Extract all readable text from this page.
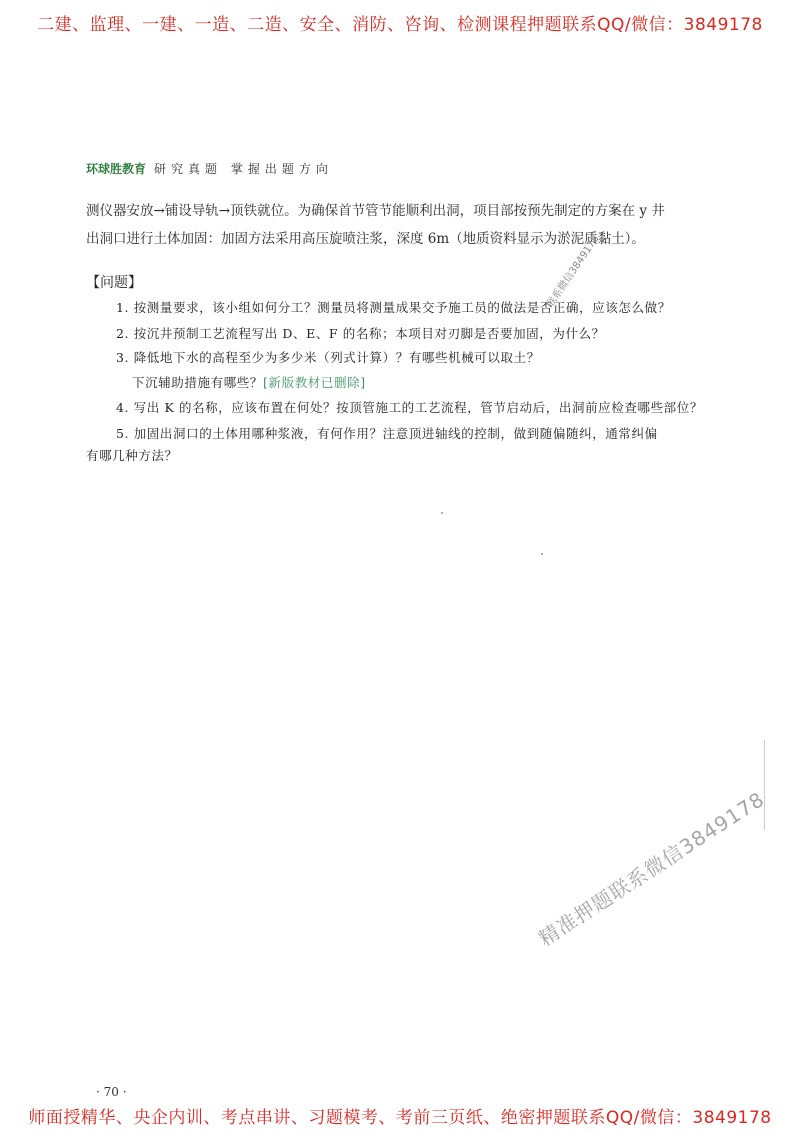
二建、监理、一建、一造、二造、安全、消防、咨询、检测课程押题联系QQ/微信：3849178
环球胜教育 研究真题 掌握出题方向
测仪器安放→铺设导轨→顶铁就位。为确保首节管节能顺利出洞，项目部按预先制定的方案在 y 井
出洞口进行土体加固：加固方法采用高压旋喷注浆，深度 6m（地质资料显示为淤泥质黏土）。
【问题】
1. 按测量要求，该小组如何分工？测量员将测量成果交予施工员的做法是否正确，应该怎么做？
2. 按沉井预制工艺流程写出 D、E、F 的名称；本项目对刃脚是否要加固，为什么？
3. 降低地下水的高程至少为多少米（列式计算）？有哪些机械可以取土？
下沉辅助措施有哪些？[新版教材已删除]
4. 写出 K 的名称，应该布置在何处？按顶管施工的工艺流程，管节启动后，出洞前应检查哪些部位？
5. 加固出洞口的土体用哪种浆液，有何作用？注意顶进轴线的控制，做到随偏随纠，通常纠偏
有哪几种方法？
联系微信3849178
精准押题联系微信3849178
· 70 ·
师面授精华、央企内训、考点串讲、习题模考、考前三页纸、绝密押题联系QQ/微信：3849178
